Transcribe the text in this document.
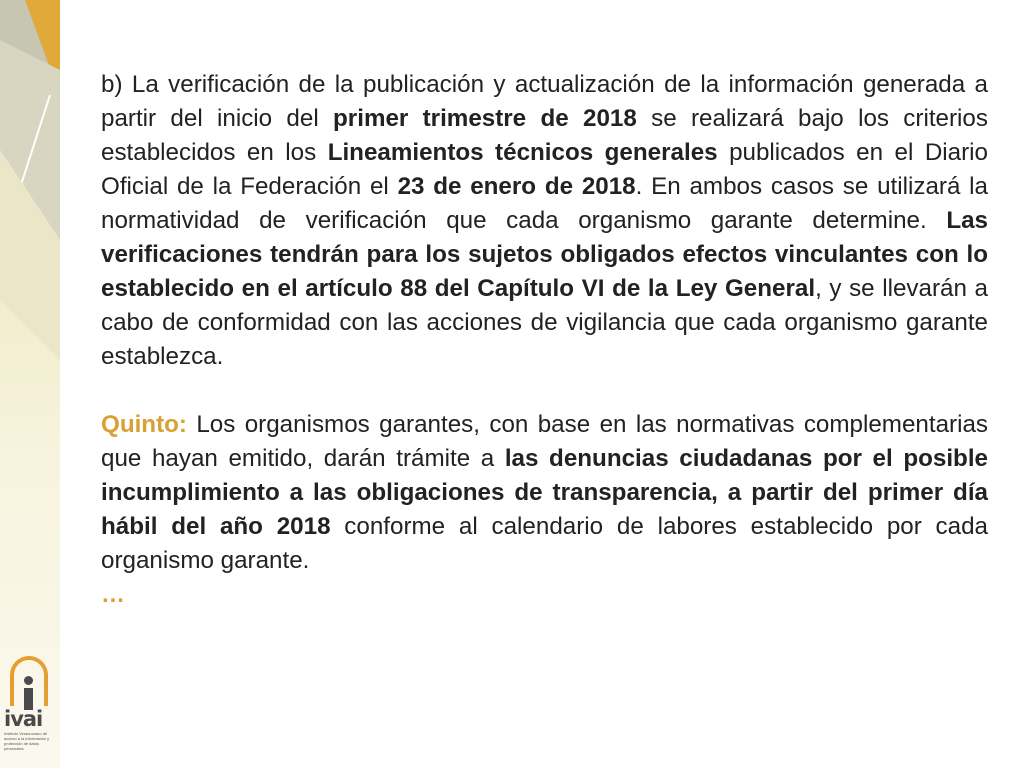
ivai
Instituto Veracruzano de acceso a la información y protección de datos personales

b) La verificación de la publicación y actualización de la información generada a partir del inicio del primer trimestre de 2018 se realizará bajo los criterios establecidos en los Lineamientos técnicos generales publicados en el Diario Oficial de la Federación el 23 de enero de 2018. En ambos casos se utilizará la normatividad de verificación que cada organismo garante determine. Las verificaciones tendrán para los sujetos obligados efectos vinculantes con lo establecido en el artículo 88 del Capítulo VI de la Ley General, y se llevarán a cabo de conformidad con las acciones de vigilancia que cada organismo garante establezca.

Quinto: Los organismos garantes, con base en las normativas complementarias que hayan emitido, darán trámite a las denuncias ciudadanas por el posible incumplimiento a las obligaciones de transparencia, a partir del primer día hábil del año 2018 conforme al calendario de labores establecido por cada organismo garante.

…
